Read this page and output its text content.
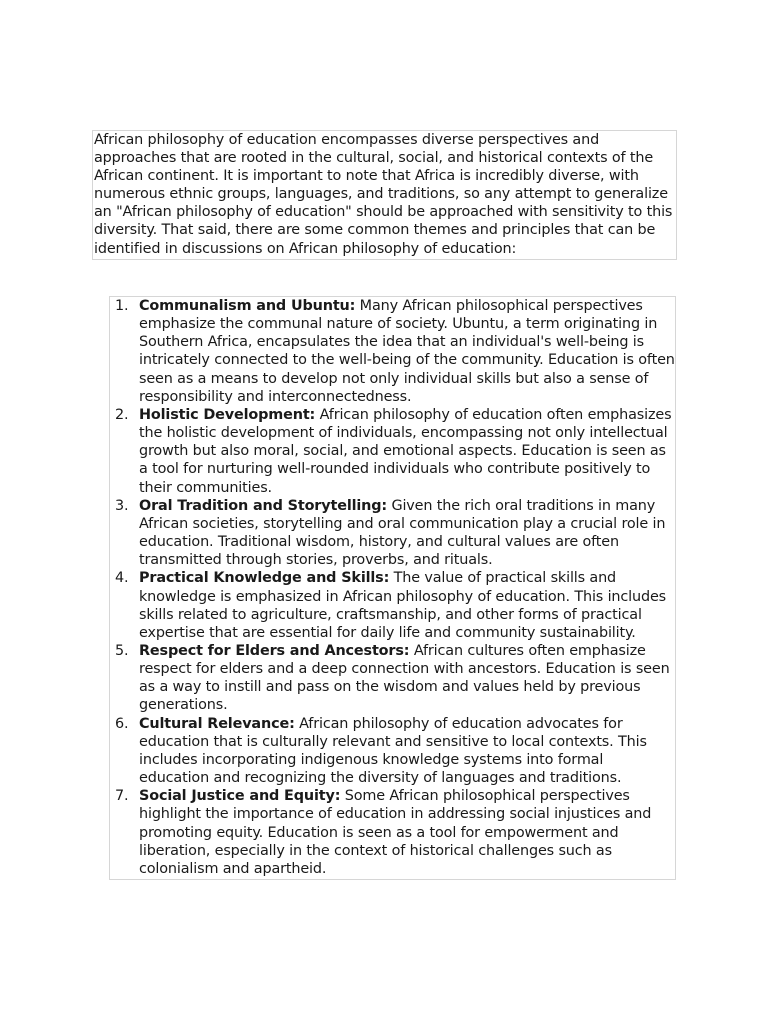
African philosophy of education encompasses diverse perspectives and approaches that are rooted in the cultural, social, and historical contexts of the African continent. It is important to note that Africa is incredibly diverse, with numerous ethnic groups, languages, and traditions, so any attempt to generalize an "African philosophy of education" should be approached with sensitivity to this diversity. That said, there are some common themes and principles that can be identified in discussions on African philosophy of education:

1. Communalism and Ubuntu: Many African philosophical perspectives emphasize the communal nature of society. Ubuntu, a term originating in Southern Africa, encapsulates the idea that an individual's well-being is intricately connected to the well-being of the community. Education is often seen as a means to develop not only individual skills but also a sense of responsibility and interconnectedness.
2. Holistic Development: African philosophy of education often emphasizes the holistic development of individuals, encompassing not only intellectual growth but also moral, social, and emotional aspects. Education is seen as a tool for nurturing well-rounded individuals who contribute positively to their communities.
3. Oral Tradition and Storytelling: Given the rich oral traditions in many African societies, storytelling and oral communication play a crucial role in education. Traditional wisdom, history, and cultural values are often transmitted through stories, proverbs, and rituals.
4. Practical Knowledge and Skills: The value of practical skills and knowledge is emphasized in African philosophy of education. This includes skills related to agriculture, craftsmanship, and other forms of practical expertise that are essential for daily life and community sustainability.
5. Respect for Elders and Ancestors: African cultures often emphasize respect for elders and a deep connection with ancestors. Education is seen as a way to instill and pass on the wisdom and values held by previous generations.
6. Cultural Relevance: African philosophy of education advocates for education that is culturally relevant and sensitive to local contexts. This includes incorporating indigenous knowledge systems into formal education and recognizing the diversity of languages and traditions.
7. Social Justice and Equity: Some African philosophical perspectives highlight the importance of education in addressing social injustices and promoting equity. Education is seen as a tool for empowerment and liberation, especially in the context of historical challenges such as colonialism and apartheid.
